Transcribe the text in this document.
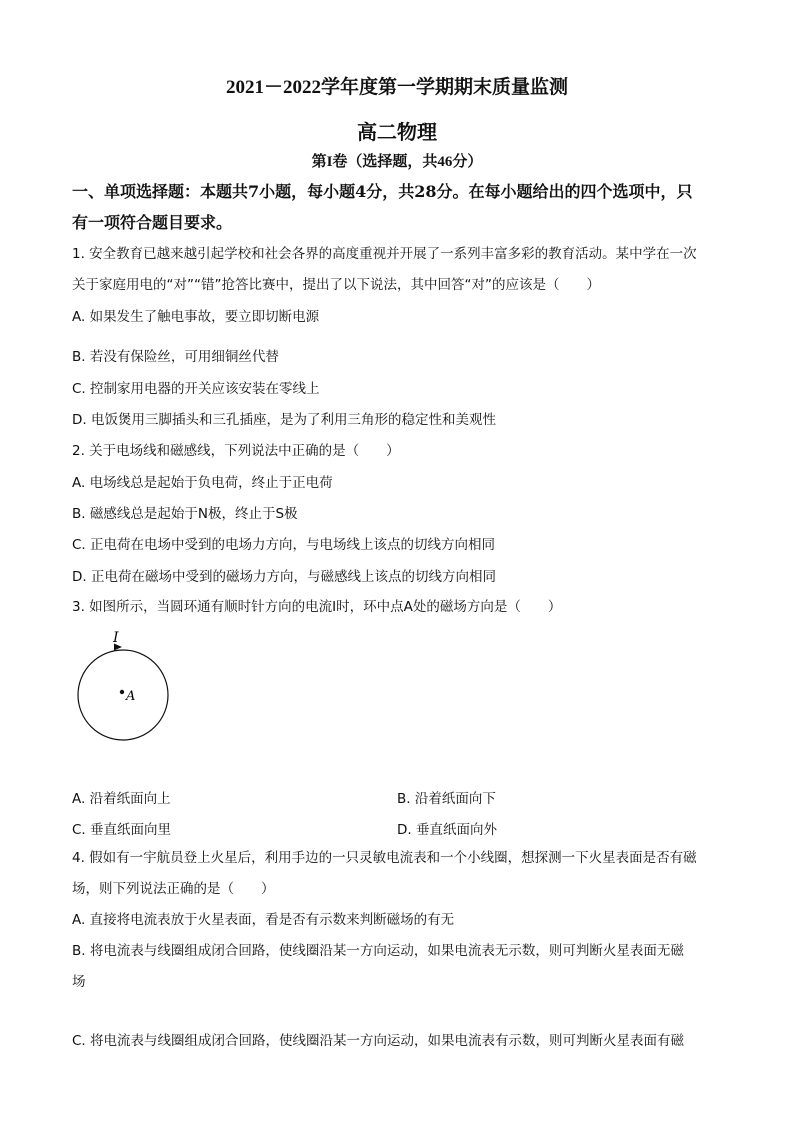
2021－2022学年度第一学期期末质量监测
高二物理
第I卷（选择题，共46分）
一、单项选择题：本题共7小题，每小题4分，共28分。在每小题给出的四个选项中，只
有一项符合题目要求。
1. 安全教育已越来越引起学校和社会各界的高度重视并开展了一系列丰富多彩的教育活动。某中学在一次
关于家庭用电的“对”“错”抢答比赛中，提出了以下说法，其中回答“对”的应该是（　　）
A. 如果发生了触电事故，要立即切断电源
B. 若没有保险丝，可用细铜丝代替
C. 控制家用电器的开关应该安装在零线上
D. 电饭煲用三脚插头和三孔插座，是为了利用三角形的稳定性和美观性
2. 关于电场线和磁感线，下列说法中正确的是（　　）
A. 电场线总是起始于负电荷，终止于正电荷
B. 磁感线总是起始于N极，终止于S极
C. 正电荷在电场中受到的电场力方向，与电场线上该点的切线方向相同
D. 正电荷在磁场中受到的磁场力方向，与磁感线上该点的切线方向相同
3. 如图所示，当圆环通有顺时针方向的电流I时，环中点A处的磁场方向是（　　）
I
A
A. 沿着纸面向上	B. 沿着纸面向下
C. 垂直纸面向里	D. 垂直纸面向外
4. 假如有一宇航员登上火星后，利用手边的一只灵敏电流表和一个小线圈，想探测一下火星表面是否有磁
场，则下列说法正确的是（　　）
A. 直接将电流表放于火星表面，看是否有示数来判断磁场的有无
B. 将电流表与线圈组成闭合回路，使线圈沿某一方向运动，如果电流表无示数，则可判断火星表面无磁
场
C. 将电流表与线圈组成闭合回路，使线圈沿某一方向运动，如果电流表有示数，则可判断火星表面有磁
